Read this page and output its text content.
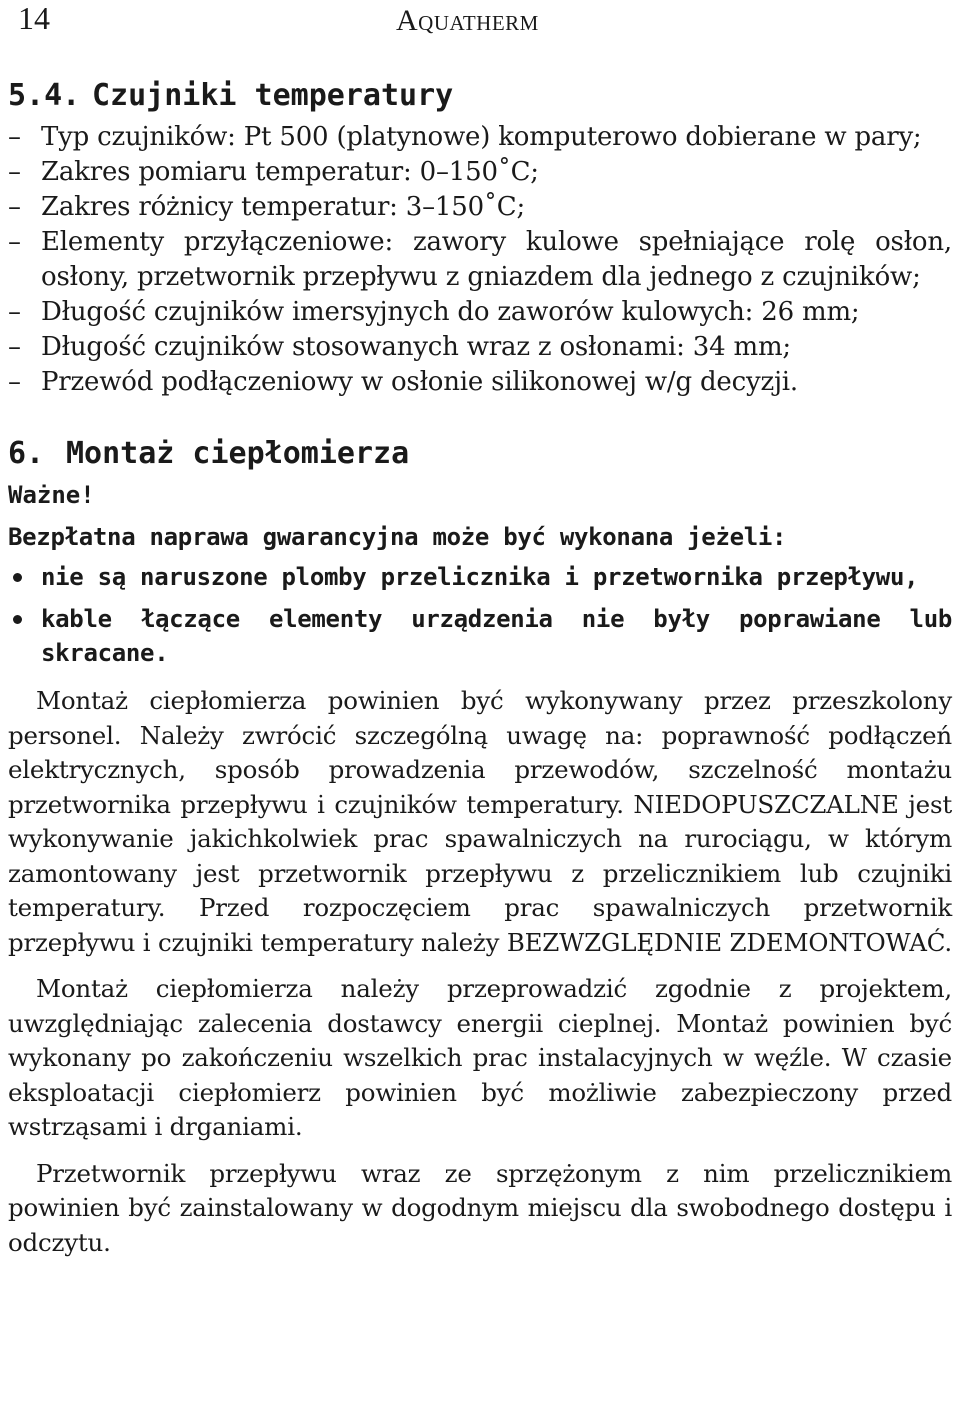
14	Aquatherm
5.4. Czujniki temperatury
– Typ czujników: Pt 500 (platynowe) komputerowo dobierane w pary;
– Zakres pomiaru temperatur: 0–150˚C;
– Zakres różnicy temperatur: 3–150˚C;
– Elementy przyłączeniowe: zawory kulowe spełniające rolę osłon, osłony, przetwornik przepływu z gniazdem dla jednego z czujników;
– Długość czujników imersyjnych do zaworów kulowych: 26 mm;
– Długość czujników stosowanych wraz z osłonami: 34 mm;
– Przewód podłączeniowy w osłonie silikonowej w/g decyzji.
6. Montaż ciepłomierza
Ważne!
Bezpłatna naprawa gwarancyjna może być wykonana jeżeli:
nie są naruszone plomby przelicznika i przetwornika przepływu,
kable łączące elementy urządzenia nie były poprawiane lub skracane.

Montaż ciepłomierza powinien być wykonywany przez przeszkolony personel. Należy zwrócić szczególną uwagę na: poprawność podłączeń elektrycznych, sposób prowadzenia przewodów, szczelność montażu przetwornika przepływu i czujników temperatury. NIEDOPUSZCZALNE jest wykonywanie jakichkolwiek prac spawalniczych na rurociągu, w którym zamontowany jest przetwornik przepływu z przelicznikiem lub czujniki temperatury. Przed rozpoczęciem prac spawalniczych przetwornik przepływu i czujniki temperatury należy BEZWZGLĘDNIE ZDEMONTOWAĆ.

Montaż ciepłomierza należy przeprowadzić zgodnie z projektem, uwzględniając zalecenia dostawcy energii cieplnej. Montaż powinien być wykonany po zakończeniu wszelkich prac instalacyjnych w węźle. W czasie eksploatacji ciepłomierz powinien być możliwie zabezpieczony przed wstrząsami i drganiami.

Przetwornik przepływu wraz ze sprzężonym z nim przelicznikiem powinien być zainstalowany w dogodnym miejscu dla swobodnego dostępu i odczytu.
